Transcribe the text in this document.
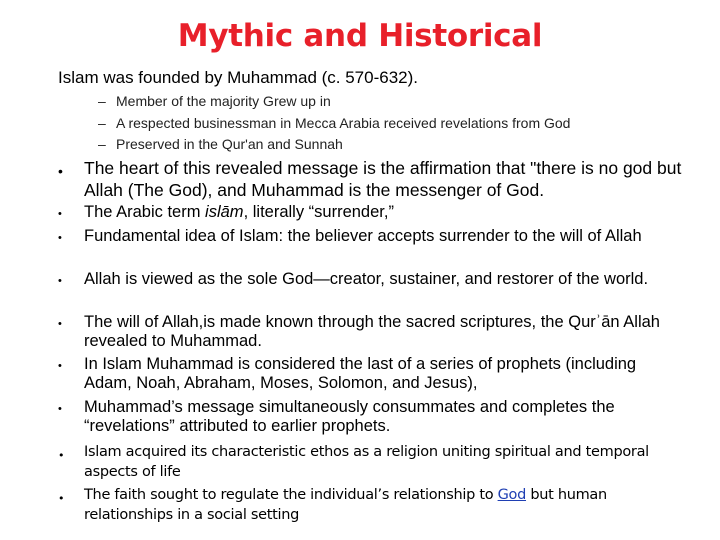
Mythic and Historical
Islam was founded by Muhammad (c. 570-632).
– Member of the majority Grew up in
– A respected businessman in Mecca Arabia received revelations from God
– Preserved in the Qur'an and Sunnah
•	The heart of this revealed message is the affirmation that "there is no god but Allah (The God), and Muhammad is the messenger of God.
•	The Arabic term islām, literally “surrender,”
•	Fundamental idea of Islam: the believer accepts surrender to the will of Allah
•	Allah is viewed as the sole God—creator, sustainer, and restorer of the world.
•	The will of Allah,is made known through the sacred scriptures, the Qurʾān Allah revealed to Muhammad.
•	In Islam Muhammad is considered the last of a series of prophets (including Adam, Noah, Abraham, Moses, Solomon, and Jesus),
•	Muhammad’s message simultaneously consummates and completes the “revelations” attributed to earlier prophets.
•	Islam acquired its characteristic ethos as a religion uniting spiritual and temporal aspects of life
•	The faith sought to regulate the individual’s relationship to God but human relationships in a social setting
